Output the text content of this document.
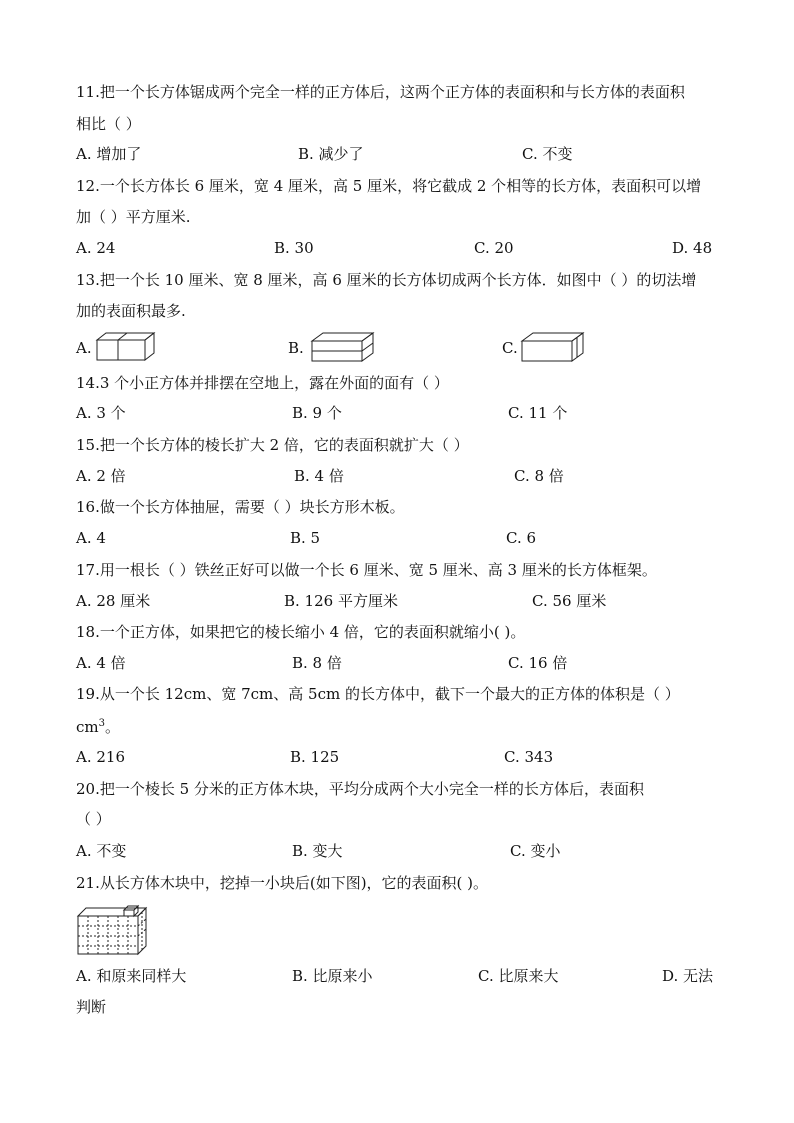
11.把一个长方体锯成两个完全一样的正方体后，这两个正方体的表面积和与长方体的表面积
相比（ ）
A. 增加了	B. 减少了	C. 不变
12.一个长方体长 6 厘米，宽 4 厘米，高 5 厘米，将它截成 2 个相等的长方体，表面积可以增
加（ ）平方厘米.
A. 24	B. 30	C. 20	D. 48
13.把一个长 10 厘米、宽 8 厘米，高 6 厘米的长方体切成两个长方体．如图中（ ）的切法增
加的表面积最多.
A.	B.	C.
14.3 个小正方体并排摆在空地上，露在外面的面有（ ）
A. 3 个	B. 9 个	C. 11 个
15.把一个长方体的棱长扩大 2 倍，它的表面积就扩大（ ）
A. 2 倍	B. 4 倍	C. 8 倍
16.做一个长方体抽屉，需要（ ）块长方形木板。
A. 4	B. 5	C. 6
17.用一根长（ ）铁丝正好可以做一个长 6 厘米、宽 5 厘米、高 3 厘米的长方体框架。
A. 28 厘米	B. 126 平方厘米	C. 56 厘米
18.一个正方体，如果把它的棱长缩小 4 倍，它的表面积就缩小( )。
A. 4 倍	B. 8 倍	C. 16 倍
19.从一个长 12cm、宽 7cm、高 5cm 的长方体中，截下一个最大的正方体的体积是（ ）
$cm^3$。
A. 216	B. 125	C. 343
20.把一个棱长 5 分米的正方体木块，平均分成两个大小完全一样的长方体后，表面积
（ ）
A. 不变	B. 变大	C. 变小
21.从长方体木块中，挖掉一小块后(如下图)，它的表面积( )。
A. 和原来同样大	B. 比原来小	C. 比原来大	D. 无法
判断
